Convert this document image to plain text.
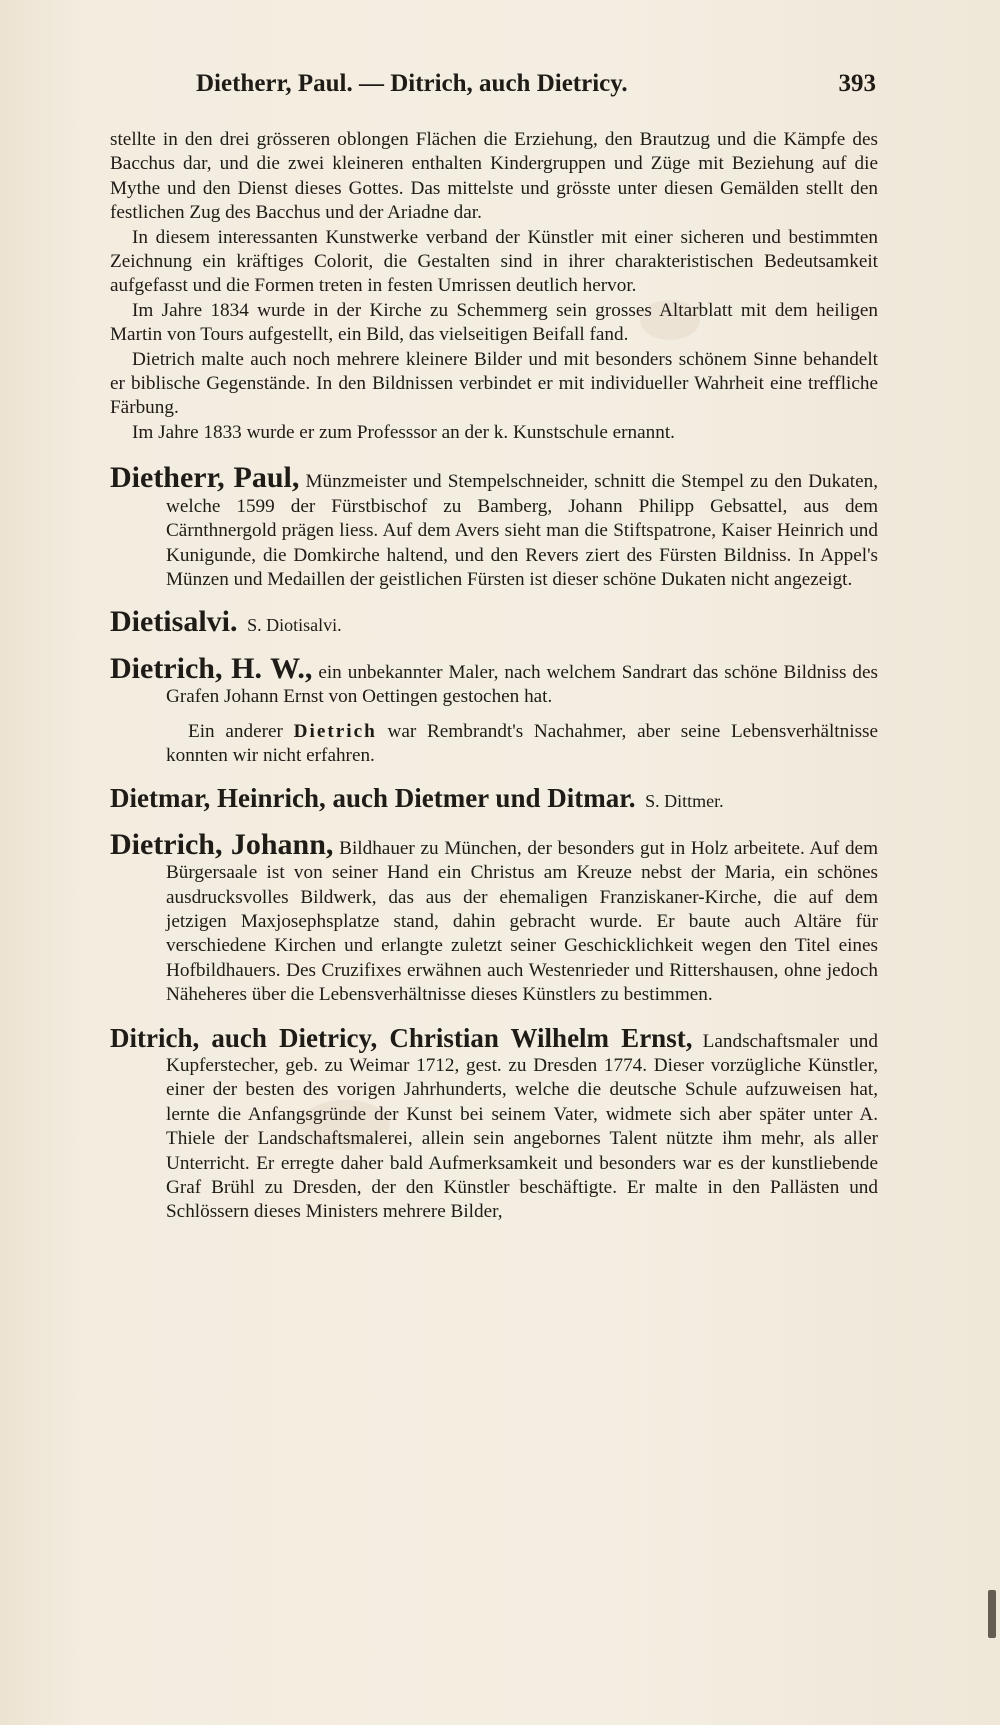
Dietherr, Paul. — Ditrich, auch Dietricy.	393

stellte in den drei grösseren oblongen Flächen die Erziehung, den Brautzug und die Kämpfe des Bacchus dar, und die zwei kleineren enthalten Kindergruppen und Züge mit Beziehung auf die Mythe und den Dienst dieses Gottes. Das mittelste und grösste unter diesen Gemälden stellt den festlichen Zug des Bacchus und der Ariadne dar.

In diesem interessanten Kunstwerke verband der Künstler mit einer sicheren und bestimmten Zeichnung ein kräftiges Colorit, die Gestalten sind in ihrer charakteristischen Bedeutsamkeit aufgefasst und die Formen treten in festen Umrissen deutlich hervor.

Im Jahre 1834 wurde in der Kirche zu Schemmerg sein grosses Altarblatt mit dem heiligen Martin von Tours aufgestellt, ein Bild, das vielseitigen Beifall fand.

Dietrich malte auch noch mehrere kleinere Bilder und mit besonders schönem Sinne behandelt er biblische Gegenstände. In den Bildnissen verbindet er mit individueller Wahrheit eine treffliche Färbung.

Im Jahre 1833 wurde er zum Professsor an der k. Kunstschule ernannt.

Dietherr, Paul, Münzmeister und Stempelschneider, schnitt die Stempel zu den Dukaten, welche 1599 der Fürstbischof zu Bamberg, Johann Philipp Gebsattel, aus dem Cärnthnergold prägen liess. Auf dem Avers sieht man die Stiftspatrone, Kaiser Heinrich und Kunigunde, die Domkirche haltend, und den Revers ziert des Fürsten Bildniss. In Appel's Münzen und Medaillen der geistlichen Fürsten ist dieser schöne Dukaten nicht angezeigt.

Dietisalvi. S. Diotisalvi.

Dietrich, H. W., ein unbekannter Maler, nach welchem Sandrart das schöne Bildniss des Grafen Johann Ernst von Oettingen gestochen hat.

Ein anderer Dietrich war Rembrandt's Nachahmer, aber seine Lebensverhältnisse konnten wir nicht erfahren.

Dietmar, Heinrich, auch Dietmer und Ditmar. S. Dittmer.

Dietrich, Johann, Bildhauer zu München, der besonders gut in Holz arbeitete. Auf dem Bürgersaale ist von seiner Hand ein Christus am Kreuze nebst der Maria, ein schönes ausdrucksvolles Bildwerk, das aus der ehemaligen Franziskaner-Kirche, die auf dem jetzigen Maxjosephsplatze stand, dahin gebracht wurde. Er baute auch Altäre für verschiedene Kirchen und erlangte zuletzt seiner Geschicklichkeit wegen den Titel eines Hofbildhauers. Des Cruzifixes erwähnen auch Westenrieder und Rittershausen, ohne jedoch Näheheres über die Lebensverhältnisse dieses Künstlers zu bestimmen.

Ditrich, auch Dietricy, Christian Wilhelm Ernst, Landschaftsmaler und Kupferstecher, geb. zu Weimar 1712, gest. zu Dresden 1774. Dieser vorzügliche Künstler, einer der besten des vorigen Jahrhunderts, welche die deutsche Schule aufzuweisen hat, lernte die Anfangsgründe der Kunst bei seinem Vater, widmete sich aber später unter A. Thiele der Landschaftsmalerei, allein sein angebornes Talent nützte ihm mehr, als aller Unterricht. Er erregte daher bald Aufmerksamkeit und besonders war es der kunstliebende Graf Brühl zu Dresden, der den Künstler beschäftigte. Er malte in den Pallästen und Schlössern dieses Ministers mehrere Bilder,
